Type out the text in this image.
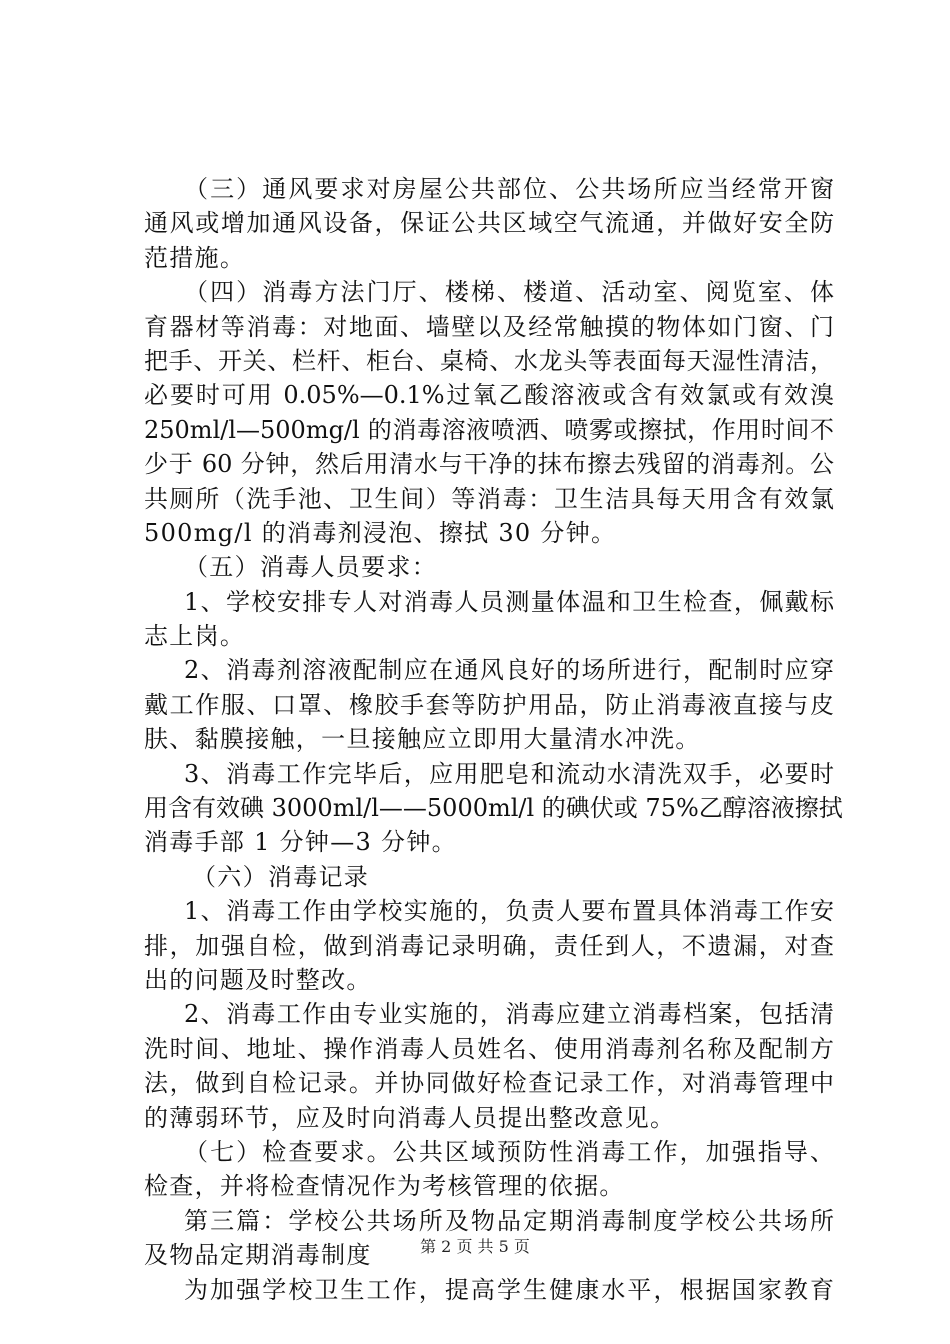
（三）通风要求对房屋公共部位、公共场所应当经常开窗
通风或增加通风设备，保证公共区域空气流通，并做好安全防
范措施。
（四）消毒方法门厅、楼梯、楼道、活动室、阅览室、体
育器材等消毒：对地面、墙壁以及经常触摸的物体如门窗、门
把手、开关、栏杆、柜台、桌椅、水龙头等表面每天湿性清洁，
必要时可用 0.05%—0.1%过氧乙酸溶液或含有效氯或有效溴
250ml/l—500mg/l 的消毒溶液喷洒、喷雾或擦拭，作用时间不
少于 60 分钟，然后用清水与干净的抹布擦去残留的消毒剂。公
共厕所（洗手池、卫生间）等消毒：卫生洁具每天用含有效氯
500mg/l 的消毒剂浸泡、擦拭 30 分钟。
（五）消毒人员要求：
1、学校安排专人对消毒人员测量体温和卫生检查，佩戴标
志上岗。
2、消毒剂溶液配制应在通风良好的场所进行，配制时应穿
戴工作服、口罩、橡胶手套等防护用品，防止消毒液直接与皮
肤、黏膜接触，一旦接触应立即用大量清水冲洗。
3、消毒工作完毕后，应用肥皂和流动水清洗双手，必要时
用含有效碘 3000ml/l——5000ml/l 的碘伏或 75%乙醇溶液擦拭
消毒手部 1 分钟—3 分钟。
（六）消毒记录
1、消毒工作由学校实施的，负责人要布置具体消毒工作安
排，加强自检，做到消毒记录明确，责任到人，不遗漏，对查
出的问题及时整改。
2、消毒工作由专业实施的，消毒应建立消毒档案，包括清
洗时间、地址、操作消毒人员姓名、使用消毒剂名称及配制方
法，做到自检记录。并协同做好检查记录工作，对消毒管理中
的薄弱环节，应及时向消毒人员提出整改意见。
（七）检查要求。公共区域预防性消毒工作，加强指导、
检查，并将检查情况作为考核管理的依据。
第三篇：学校公共场所及物品定期消毒制度学校公共场所
及物品定期消毒制度
为加强学校卫生工作，提高学生健康水平，根据国家教育
第 2 页 共 5 页
